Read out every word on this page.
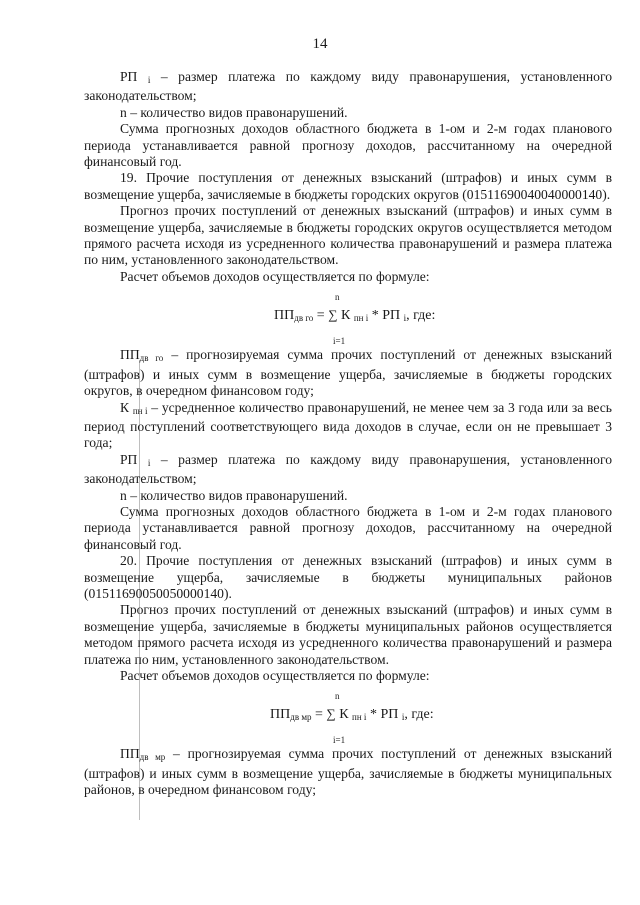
14

РП $_i$ – размер платежа по каждому виду правонарушения, установленного законодательством;

n – количество видов правонарушений.

Сумма прогнозных доходов областного бюджета в 1-ом и 2-м годах планового периода устанавливается равной прогнозу доходов, рассчитанному на очередной финансовый год.

19. Прочие поступления от денежных взысканий (штрафов) и иных сумм в возмещение ущерба, зачисляемые в бюджеты городских округов (01511690040040000140).

Прогноз прочих поступлений от денежных взысканий (штрафов) и иных сумм в возмещение ущерба, зачисляемые в бюджеты городских округов осуществляется методом прямого расчета исходя из усредненного количества правонарушений и размера платежа по ним, установленного законодательством.

Расчет объемов доходов осуществляется по формуле:

n
$ПП_{дв го}$ = ∑ К $_{пн i}$ * РП $_i$, где:
i=1

$ПП_{дв го}$ – прогнозируемая сумма прочих поступлений от денежных взысканий (штрафов) и иных сумм в возмещение ущерба, зачисляемые в бюджеты городских округов, в очередном финансовом году;

К $_{пн i}$ – усредненное количество правонарушений, не менее чем за 3 года или за весь период поступлений соответствующего вида доходов в случае, если он не превышает 3 года;

РП $_i$ – размер платежа по каждому виду правонарушения, установленного законодательством;

n – количество видов правонарушений.

Сумма прогнозных доходов областного бюджета в 1-ом и 2-м годах планового периода устанавливается равной прогнозу доходов, рассчитанному на очередной финансовый год.

20. Прочие поступления от денежных взысканий (штрафов) и иных сумм в возмещение ущерба, зачисляемые в бюджеты муниципальных районов (01511690050050000140).

Прогноз прочих поступлений от денежных взысканий (штрафов) и иных сумм в возмещение ущерба, зачисляемые в бюджеты муниципальных районов осуществляется методом прямого расчета исходя из усредненного количества правонарушений и размера платежа по ним, установленного законодательством.

Расчет объемов доходов осуществляется по формуле:

n
$ПП_{дв мр}$ = ∑ К $_{пн i}$ * РП $_i$, где:
i=1

$ПП_{дв мр}$ – прогнозируемая сумма прочих поступлений от денежных взысканий (штрафов) и иных сумм в возмещение ущерба, зачисляемые в бюджеты муниципальных районов, в очередном финансовом году;
